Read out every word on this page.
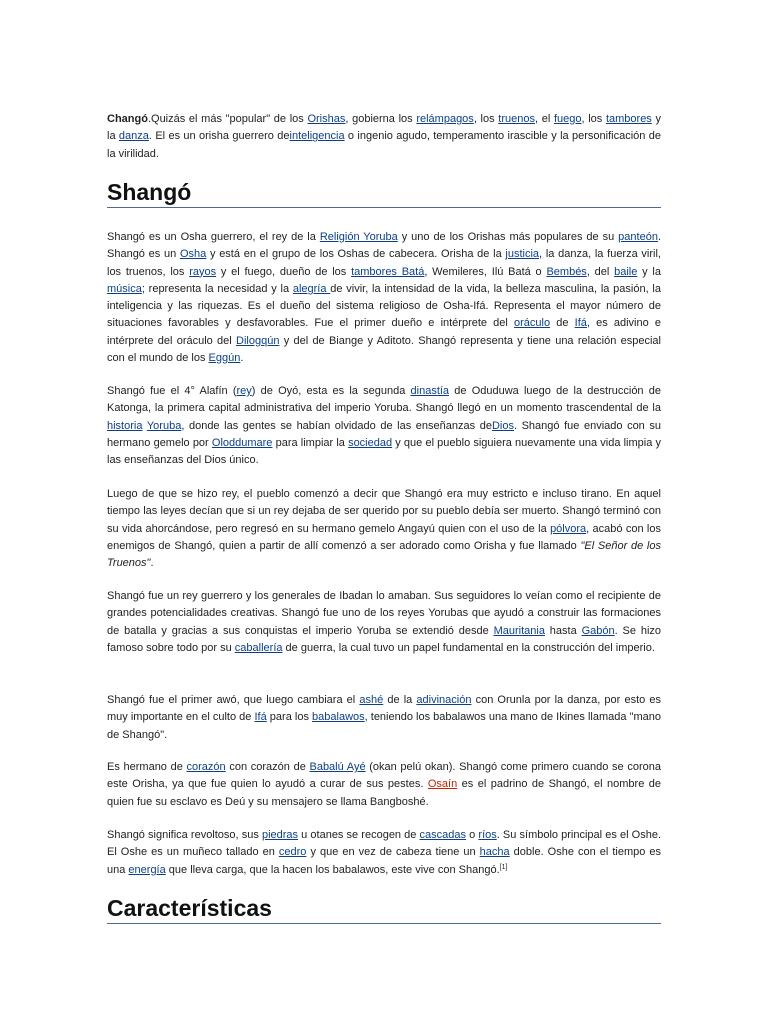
Changó.Quizás el más "popular" de los Orishas, gobierna los relámpagos, los truenos, el fuego, los tambores y la danza. El es un orisha guerrero deinteligencia o ingenio agudo, temperamento irascible y la personificación de la virilidad.

Shangó

Shangó es un Osha guerrero, el rey de la Religión Yoruba y uno de los Orishas más populares de su panteón. Shangó es un Osha y está en el grupo de los Oshas de cabecera. Orisha de la justicia, la danza, la fuerza viril, los truenos, los rayos y el fuego, dueño de los tambores Batá, Wemileres, Ilú Batá o Bembés, del baile y la música; representa la necesidad y la alegría de vivir, la intensidad de la vida, la belleza masculina, la pasión, la inteligencia y las riquezas. Es el dueño del sistema religioso de Osha-Ifá. Representa el mayor número de situaciones favorables y desfavorables. Fue el primer dueño e intérprete del oráculo de Ifá, es adivino e intérprete del oráculo del Dilogqún y del de Biange y Aditoto. Shangó representa y tiene una relación especial con el mundo de los Eggún.

Shangó fue el 4° Alafín (rey) de Oyó, esta es la segunda dinastía de Oduduwa luego de la destrucción de Katonga, la primera capital administrativa del imperio Yoruba. Shangó llegó en un momento trascendental de la historia Yoruba, donde las gentes se habían olvidado de las enseñanzas deDios. Shangó fue enviado con su hermano gemelo por Oloddumare para limpiar la sociedad y que el pueblo siguiera nuevamente una vida limpia y las enseñanzas del Dios único.

Luego de que se hizo rey, el pueblo comenzó a decir que Shangó era muy estricto e incluso tirano. En aquel tiempo las leyes decían que si un rey dejaba de ser querido por su pueblo debía ser muerto. Shangó terminó con su vida ahorcándose, pero regresó en su hermano gemelo Angayú quien con el uso de la pólvora, acabó con los enemigos de Shangó, quien a partir de allí comenzó a ser adorado como Orisha y fue llamado "El Señor de los Truenos".

Shangó fue un rey guerrero y los generales de Ibadan lo amaban. Sus seguidores lo veían como el recipiente de grandes potencialidades creativas. Shangó fue uno de los reyes Yorubas que ayudó a construir las formaciones de batalla y gracias a sus conquistas el imperio Yoruba se extendió desde Mauritania hasta Gabón. Se hizo famoso sobre todo por su caballería de guerra, la cual tuvo un papel fundamental en la construcción del imperio.

Shangó fue el primer awó, que luego cambiara el ashé de la adivinación con Orunla por la danza, por esto es muy importante en el culto de Ifá para los babalawos, teniendo los babalawos una mano de Ikines llamada "mano de Shangó".

Es hermano de corazón con corazón de Babalú Ayé (okan pelú okan). Shangó come primero cuando se corona este Orisha, ya que fue quien lo ayudó a curar de sus pestes. Osaín es el padrino de Shangó, el nombre de quien fue su esclavo es Deú y su mensajero se llama Bangboshé.

Shangó significa revoltoso, sus piedras u otanes se recogen de cascadas o ríos. Su símbolo principal es el Oshe. El Oshe es un muñeco tallado en cedro y que en vez de cabeza tiene un hacha doble. Oshe con el tiempo es una energía que lleva carga, que la hacen los babalawos, este vive con Shangó.[1]

Características
